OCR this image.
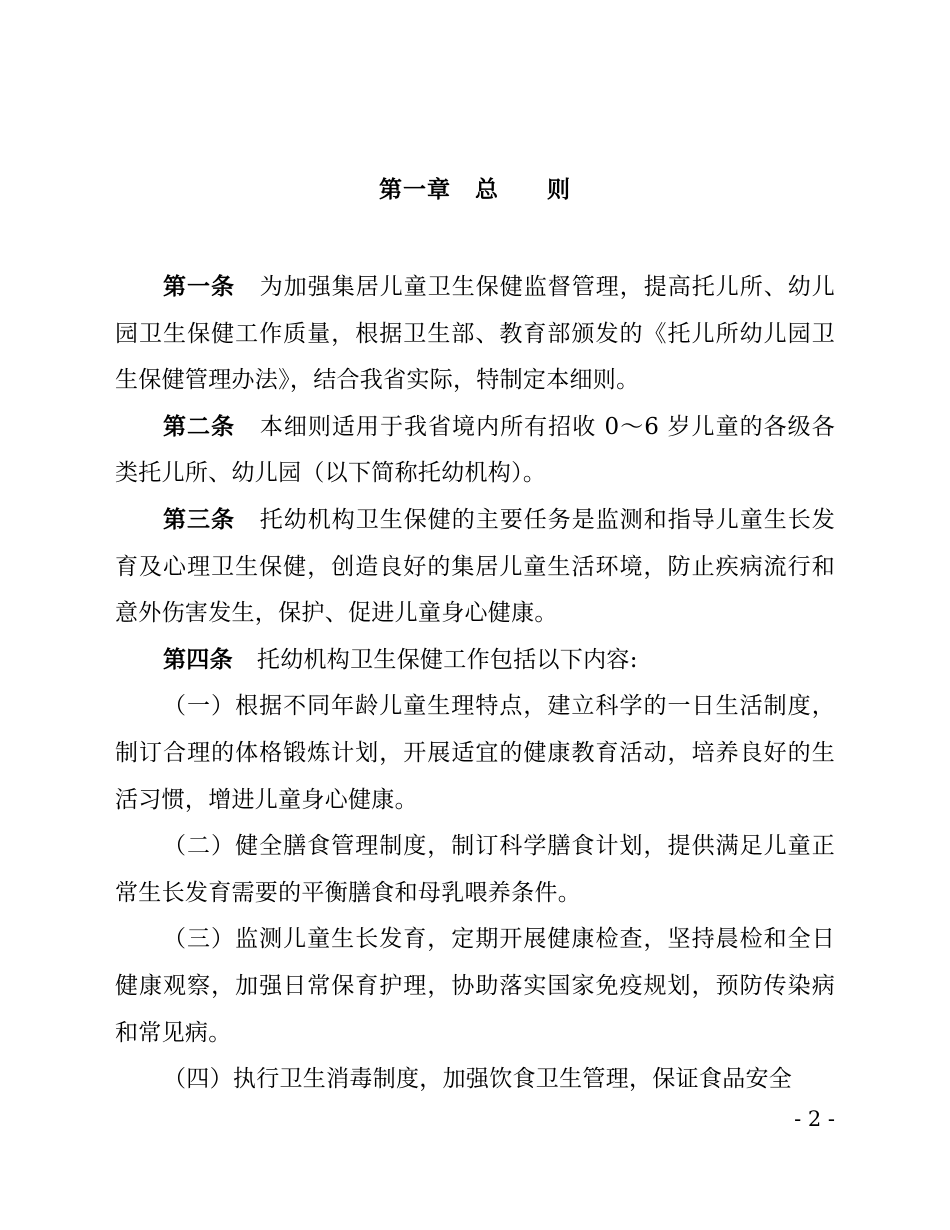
第一章　总　　则

第一条 为加强集居儿童卫生保健监督管理，提高托儿所、幼儿园卫生保健工作质量，根据卫生部、教育部颁发的《托儿所幼儿园卫生保健管理办法》，结合我省实际，特制定本细则。

第二条 本细则适用于我省境内所有招收 0～6 岁儿童的各级各类托儿所、幼儿园（以下简称托幼机构）。

第三条 托幼机构卫生保健的主要任务是监测和指导儿童生长发育及心理卫生保健，创造良好的集居儿童生活环境，防止疾病流行和意外伤害发生，保护、促进儿童身心健康。

第四条 托幼机构卫生保健工作包括以下内容:

（一）根据不同年龄儿童生理特点，建立科学的一日生活制度，制订合理的体格锻炼计划，开展适宜的健康教育活动，培养良好的生活习惯，增进儿童身心健康。

（二）健全膳食管理制度，制订科学膳食计划，提供满足儿童正常生长发育需要的平衡膳食和母乳喂养条件。

（三）监测儿童生长发育，定期开展健康检查，坚持晨检和全日健康观察，加强日常保育护理，协助落实国家免疫规划，预防传染病和常见病。

（四）执行卫生消毒制度，加强饮食卫生管理，保证食品安全

- 2 -
